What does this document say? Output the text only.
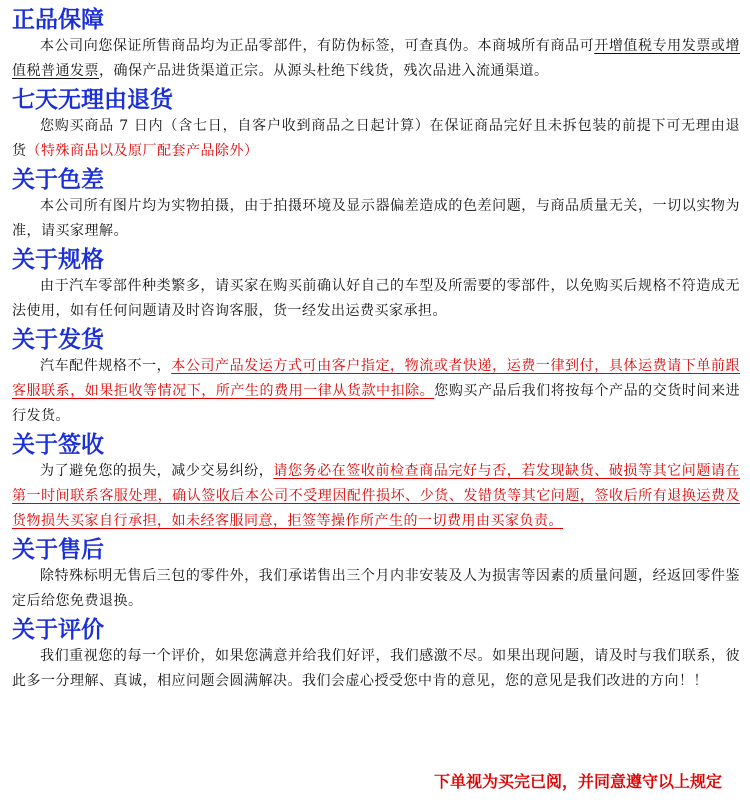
正品保障

本公司向您保证所售商品均为正品零部件，有防伪标签，可查真伪。本商城所有商品可开增值税专用发票或增值税普通发票，确保产品进货渠道正宗。从源头杜绝下线货，残次品进入流通渠道。

七天无理由退货

您购买商品 7 日内（含七日，自客户收到商品之日起计算）在保证商品完好且未拆包装的前提下可无理由退货（特殊商品以及原厂配套产品除外）

关于色差

本公司所有图片均为实物拍摄，由于拍摄环境及显示器偏差造成的色差问题，与商品质量无关，一切以实物为准，请买家理解。

关于规格

由于汽车零部件种类繁多，请买家在购买前确认好自己的车型及所需要的零部件，以免购买后规格不符造成无法使用，如有任何问题请及时咨询客服，货一经发出运费买家承担。

关于发货

汽车配件规格不一，本公司产品发运方式可由客户指定，物流或者快递，运费一律到付，具体运费请下单前跟客服联系，如果拒收等情况下，所产生的费用一律从货款中扣除。您购买产品后我们将按每个产品的交货时间来进行发货。

关于签收

为了避免您的损失，减少交易纠纷，请您务必在签收前检查商品完好与否，若发现缺货、破损等其它问题请在第一时间联系客服处理，确认签收后本公司不受理因配件损坏、少货、发错货等其它问题，签收后所有退换运费及货物损失买家自行承担，如未经客服同意，拒签等操作所产生的一切费用由买家负责。

关于售后

除特殊标明无售后三包的零件外，我们承诺售出三个月内非安装及人为损害等因素的质量问题，经返回零件鉴定后给您免费退换。

关于评价

我们重视您的每一个评价，如果您满意并给我们好评，我们感激不尽。如果出现问题，请及时与我们联系，彼此多一分理解、真诚，相应问题会圆满解决。我们会虚心授受您中肯的意见，您的意见是我们改进的方向！！

下单视为买完已阅，并同意遵守以上规定
